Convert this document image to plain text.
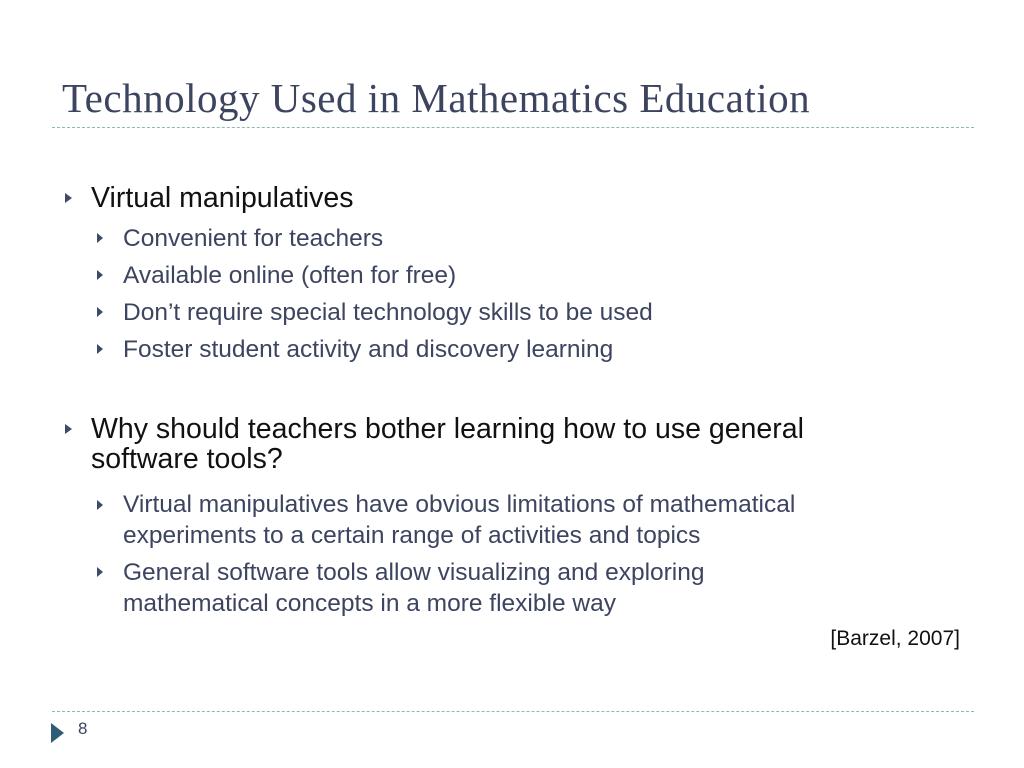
Technology Used in Mathematics Education
Virtual manipulatives
Convenient for teachers
Available online (often for free)
Don’t require special technology skills to be used
Foster student activity and discovery learning
Why should teachers bother learning how to use general software tools?
Virtual manipulatives have obvious limitations of mathematical experiments to a certain range of activities and topics
General software tools allow visualizing and exploring mathematical concepts in a more flexible way
[Barzel, 2007]
8
